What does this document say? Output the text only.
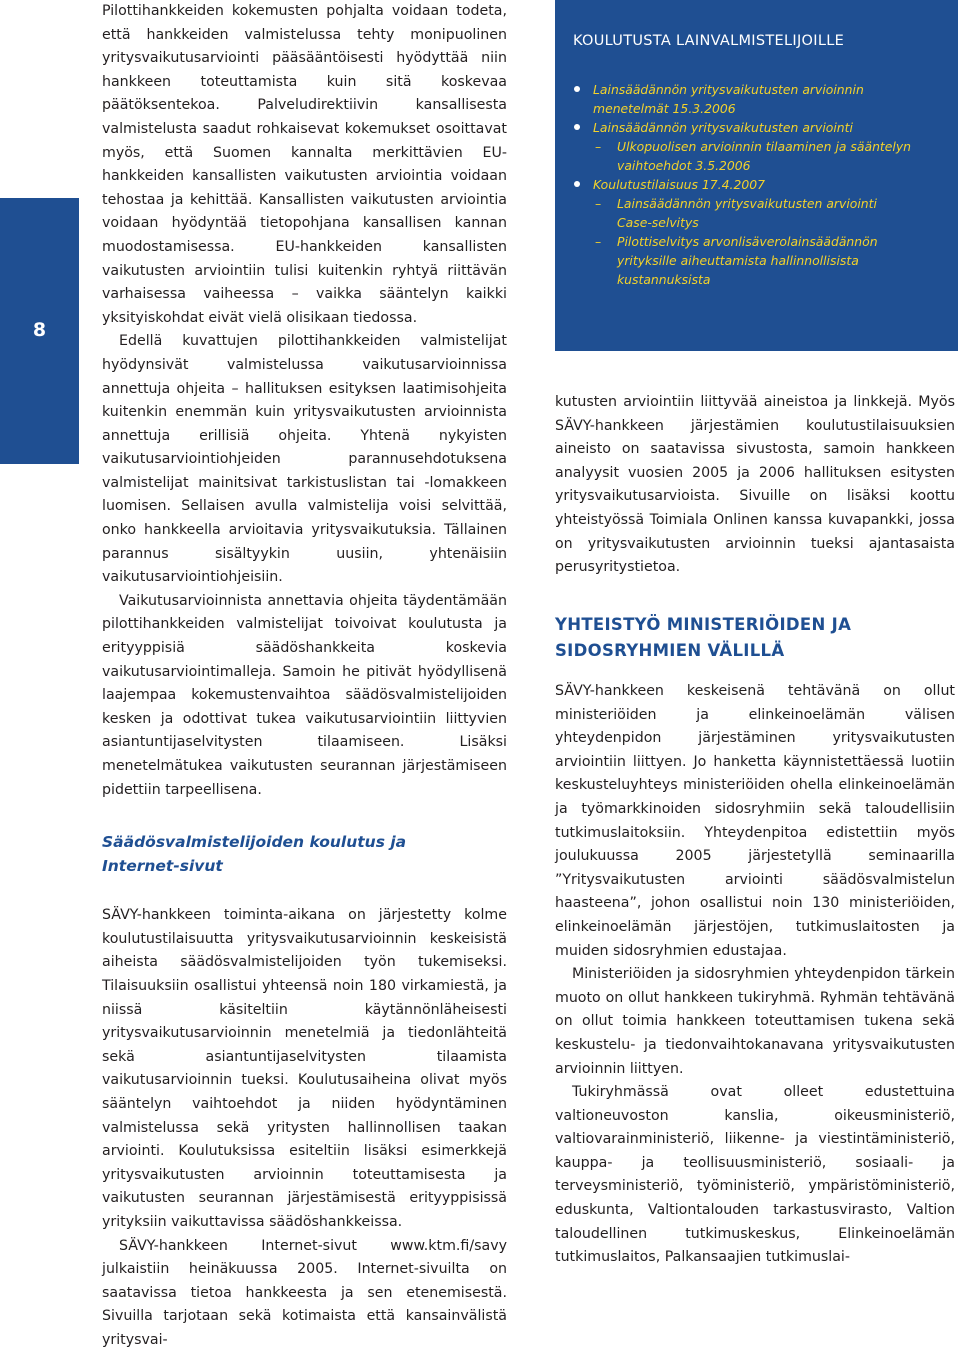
8

Pilottihankkeiden kokemusten pohjalta voidaan todeta, että hankkeiden valmistelussa tehty monipuolinen yritysvaikutusarviointi pääsääntöisesti hyödyttää niin hankkeen toteuttamista kuin sitä koskevaa päätöksentekoa. Palveludirektiivin kansallisesta valmistelusta saadut rohkaisevat kokemukset osoittavat myös, että Suomen kannalta merkittävien EU-hankkeiden kansallisten vaikutusten arviointia voidaan tehostaa ja kehittää. Kansallisten vaikutusten arviointia voidaan hyödyntää tietopohjana kansallisen kannan muodostamisessa. EU-hankkeiden kansallisten vaikutusten arviointiin tulisi kuitenkin ryhtyä riittävän varhaisessa vaiheessa – vaikka sääntelyn kaikki yksityiskohdat eivät vielä olisikaan tiedossa.

Edellä kuvattujen pilottihankkeiden valmistelijat hyödynsivät valmistelussa vaikutusarvioinnissa annettuja ohjeita – hallituksen esityksen laatimisohjeita kuitenkin enemmän kuin yritysvaikutusten arvioinnista annettuja erillisiä ohjeita. Yhtenä nykyisten vaikutusarviointiohjeiden parannusehdotuksena valmistelijat mainitsivat tarkistuslistan tai -lomakkeen luomisen. Sellaisen avulla valmistelija voisi selvittää, onko hankkeella arvioitavia yritysvaikutuksia. Tällainen parannus sisältyykin uusiin, yhtenäisiin vaikutusarviointiohjeisiin.

Vaikutusarvioinnista annettavia ohjeita täydentämään pilottihankkeiden valmistelijat toivoivat koulutusta ja erityyppisiä säädöshankkeita koskevia vaikutusarviointimalleja. Samoin he pitivät hyödyllisenä laajempaa kokemustenvaihtoa säädösvalmistelijoiden kesken ja odottivat tukea vaikutusarviointiin liittyvien asiantuntijaselvitysten tilaamiseen. Lisäksi menetelmätukea vaikutusten seurannan järjestämiseen pidettiin tarpeellisena.

Säädösvalmistelijoiden koulutus ja
Internet-sivut

SÄVY-hankkeen toiminta-aikana on järjestetty kolme koulutustilaisuutta yritysvaikutusarvioinnin keskeisistä aiheista säädösvalmistelijoiden työn tukemiseksi. Tilaisuuksiin osallistui yhteensä noin 180 virkamiestä, ja niissä käsiteltiin käytännönläheisesti yritysvaikutusarvioinnin menetelmiä ja tiedonlähteitä sekä asiantuntijaselvitysten tilaamista vaikutusarvioinnin tueksi. Koulutusaiheina olivat myös sääntelyn vaihtoehdot ja niiden hyödyntäminen valmistelussa sekä yritysten hallinnollisen taakan arviointi. Koulutuksissa esiteltiin lisäksi esimerkkejä yritysvaikutusten arvioinnin toteuttamisesta ja vaikutusten seurannan järjestämisestä erityyppisissä yrityksiin vaikuttavissa säädöshankkeissa.

SÄVY-hankkeen Internet-sivut www.ktm.fi/savy julkaistiin heinäkuussa 2005. Internet-sivuilta on saatavissa tietoa hankkeesta ja sen etenemisestä. Sivuilla tarjotaan sekä kotimaista että kansainvälistä yritysvai-

KOULUTUSTA LAINVALMISTELIJOILLE
Lainsäädännön yritysvaikutusten arvioinnin
menetelmät 15.3.2006
Lainsäädännön yritysvaikutusten arviointi
– Ulkopuolisen arvioinnin tilaaminen ja sääntelyn
vaihtoehdot 3.5.2006
Koulutustilaisuus 17.4.2007
– Lainsäädännön yritysvaikutusten arviointi
Case-selvitys
– Pilottiselvitys arvonlisäverolainsäädännön
yrityksille aiheuttamista hallinnollisista
kustannuksista

kutusten arviointiin liittyvää aineistoa ja linkkejä. Myös SÄVY-hankkeen järjestämien koulutustilaisuuksien aineisto on saatavissa sivustosta, samoin hankkeen analyysit vuosien 2005 ja 2006 hallituksen esitysten yritysvaikutusarvioista. Sivuille on lisäksi koottu yhteistyössä Toimiala Onlinen kanssa kuvapankki, jossa on yritysvaikutusten arvioinnin tueksi ajantasaista perusyritystietoa.

YHTEISTYÖ MINISTERIÖIDEN JA
SIDOSRYHMIEN VÄLILLÄ

SÄVY-hankkeen keskeisenä tehtävänä on ollut ministeriöiden ja elinkeinoelämän välisen yhteydenpidon järjestäminen yritysvaikutusten arviointiin liittyen. Jo hanketta käynnistettäessä luotiin keskusteluyhteys ministeriöiden ohella elinkeinoelämän ja työmarkkinoiden sidosryhmiin sekä taloudellisiin tutkimuslaitoksiin. Yhteydenpitoa edistettiin myös joulukuussa 2005 järjestetyllä seminaarilla ”Yritysvaikutusten arviointi säädösvalmistelun haasteena”, johon osallistui noin 130 ministeriöiden, elinkeinoelämän järjestöjen, tutkimuslaitosten ja muiden sidosryhmien edustajaa.

Ministeriöiden ja sidosryhmien yhteydenpidon tärkein muoto on ollut hankkeen tukiryhmä. Ryhmän tehtävänä on ollut toimia hankkeen toteuttamisen tukena sekä keskustelu- ja tiedonvaihtokanavana yritysvaikutusten arvioinnin liittyen.

Tukiryhmässä ovat olleet edustettuina valtioneuvoston kanslia, oikeusministeriö, valtiovarainministeriö, liikenne- ja viestintäministeriö, kauppa- ja teollisuusministeriö, sosiaali- ja terveysministeriö, työministeriö, ympäristöministeriö, eduskunta, Valtiontalouden tarkastusvirasto, Valtion taloudellinen tutkimuskeskus, Elinkeinoelämän tutkimuslaitos, Palkansaajien tutkimuslai-
